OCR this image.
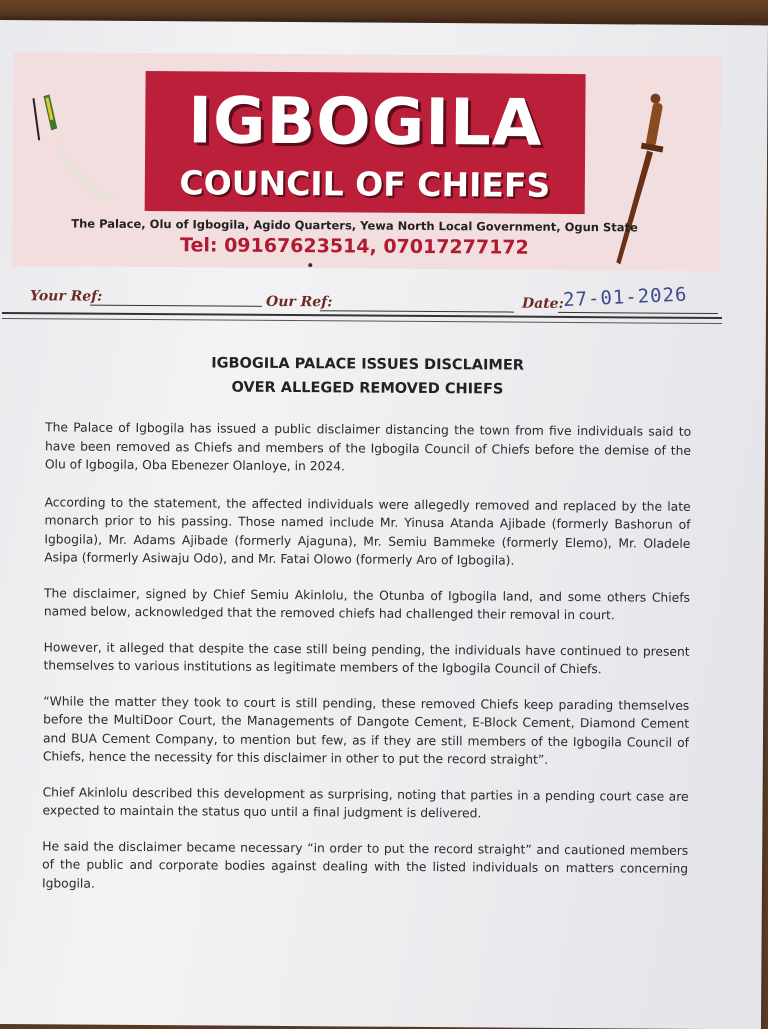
IGBOGILA
COUNCIL OF CHIEFS
The Palace, Olu of Igbogila, Agido Quarters, Yewa North Local Government, Ogun State
Tel: 09167623514, 07017277172
Your Ref:	Our Ref:	Date:
27-01-2026
IGBOGILA PALACE ISSUES DISCLAIMER
OVER ALLEGED REMOVED CHIEFS

The Palace of Igbogila has issued a public disclaimer distancing the town from five individuals said to have been removed as Chiefs and members of the Igbogila Council of Chiefs before the demise of the Olu of Igbogila, Oba Ebenezer Olanloye, in 2024.

According to the statement, the affected individuals were allegedly removed and replaced by the late monarch prior to his passing. Those named include Mr. Yinusa Atanda Ajibade (formerly Bashorun of Igbogila), Mr. Adams Ajibade (formerly Ajaguna), Mr. Semiu Bammeke (formerly Elemo), Mr. Oladele Asipa (formerly Asiwaju Odo), and Mr. Fatai Olowo (formerly Aro of Igbogila).

The disclaimer, signed by Chief Semiu Akinlolu, the Otunba of Igbogila land, and some others Chiefs named below, acknowledged that the removed chiefs had challenged their removal in court.

However, it alleged that despite the case still being pending, the individuals have continued to present themselves to various institutions as legitimate members of the Igbogila Council of Chiefs.

“While the matter they took to court is still pending, these removed Chiefs keep parading themselves before the MultiDoor Court, the Managements of Dangote Cement, E-Block Cement, Diamond Cement and BUA Cement Company, to mention but few, as if they are still members of the Igbogila Council of Chiefs, hence the necessity for this disclaimer in other to put the record straight”.

Chief Akinlolu described this development as surprising, noting that parties in a pending court case are expected to maintain the status quo until a final judgment is delivered.

He said the disclaimer became necessary “in order to put the record straight” and cautioned members of the public and corporate bodies against dealing with the listed individuals on matters concerning Igbogila.
